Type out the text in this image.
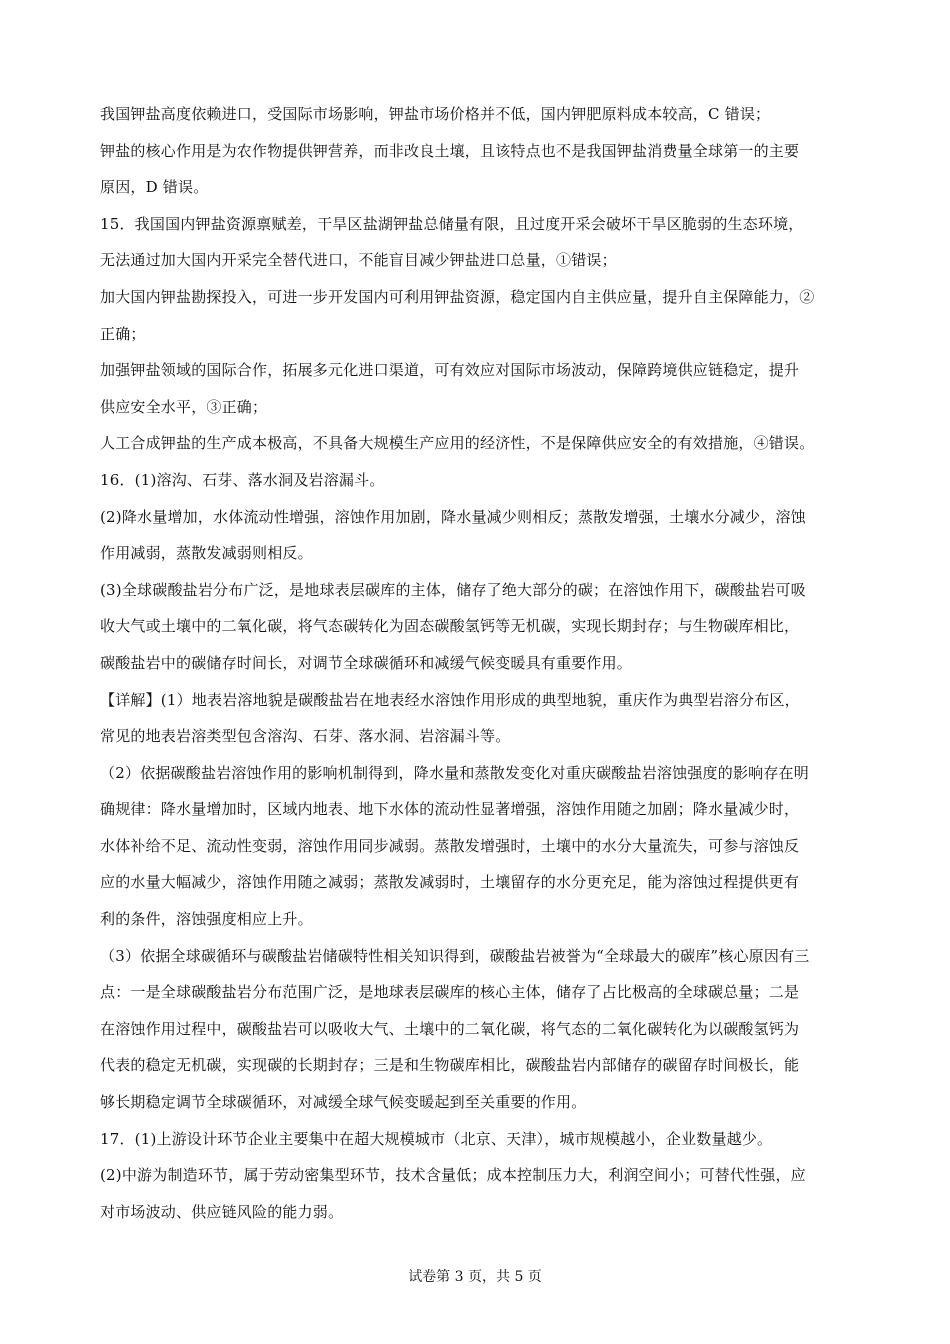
我国钾盐高度依赖进口，受国际市场影响，钾盐市场价格并不低，国内钾肥原料成本较高，C 错误；
钾盐的核心作用是为农作物提供钾营养，而非改良土壤，且该特点也不是我国钾盐消费量全球第一的主要
原因，D 错误。
15．我国国内钾盐资源禀赋差，干旱区盐湖钾盐总储量有限，且过度开采会破坏干旱区脆弱的生态环境，
无法通过加大国内开采完全替代进口，不能盲目减少钾盐进口总量，①错误；
加大国内钾盐勘探投入，可进一步开发国内可利用钾盐资源，稳定国内自主供应量，提升自主保障能力，②
正确；
加强钾盐领域的国际合作，拓展多元化进口渠道，可有效应对国际市场波动，保障跨境供应链稳定，提升
供应安全水平，③正确；
人工合成钾盐的生产成本极高，不具备大规模生产应用的经济性，不是保障供应安全的有效措施，④错误。
16．(1)溶沟、石芽、落水洞及岩溶漏斗。
(2)降水量增加，水体流动性增强，溶蚀作用加剧，降水量减少则相反；蒸散发增强，土壤水分减少，溶蚀
作用减弱，蒸散发减弱则相反。
(3)全球碳酸盐岩分布广泛，是地球表层碳库的主体，储存了绝大部分的碳；在溶蚀作用下，碳酸盐岩可吸
收大气或土壤中的二氧化碳，将气态碳转化为固态碳酸氢钙等无机碳，实现长期封存；与生物碳库相比，
碳酸盐岩中的碳储存时间长，对调节全球碳循环和减缓气候变暖具有重要作用。
【详解】(1）地表岩溶地貌是碳酸盐岩在地表经水溶蚀作用形成的典型地貌，重庆作为典型岩溶分布区，
常见的地表岩溶类型包含溶沟、石芽、落水洞、岩溶漏斗等。
（2）依据碳酸盐岩溶蚀作用的影响机制得到，降水量和蒸散发变化对重庆碳酸盐岩溶蚀强度的影响存在明
确规律：降水量增加时，区域内地表、地下水体的流动性显著增强，溶蚀作用随之加剧；降水量减少时，
水体补给不足、流动性变弱，溶蚀作用同步减弱。蒸散发增强时，土壤中的水分大量流失，可参与溶蚀反
应的水量大幅减少，溶蚀作用随之减弱；蒸散发减弱时，土壤留存的水分更充足，能为溶蚀过程提供更有
利的条件，溶蚀强度相应上升。
（3）依据全球碳循环与碳酸盐岩储碳特性相关知识得到，碳酸盐岩被誉为“全球最大的碳库”核心原因有三
点：一是全球碳酸盐岩分布范围广泛，是地球表层碳库的核心主体，储存了占比极高的全球碳总量；二是
在溶蚀作用过程中，碳酸盐岩可以吸收大气、土壤中的二氧化碳，将气态的二氧化碳转化为以碳酸氢钙为
代表的稳定无机碳，实现碳的长期封存；三是和生物碳库相比，碳酸盐岩内部储存的碳留存时间极长，能
够长期稳定调节全球碳循环，对减缓全球气候变暖起到至关重要的作用。
17．(1)上游设计环节企业主要集中在超大规模城市（北京、天津），城市规模越小，企业数量越少。
(2)中游为制造环节，属于劳动密集型环节，技术含量低；成本控制压力大，利润空间小；可替代性强，应
对市场波动、供应链风险的能力弱。
试卷第 3 页，共 5 页
